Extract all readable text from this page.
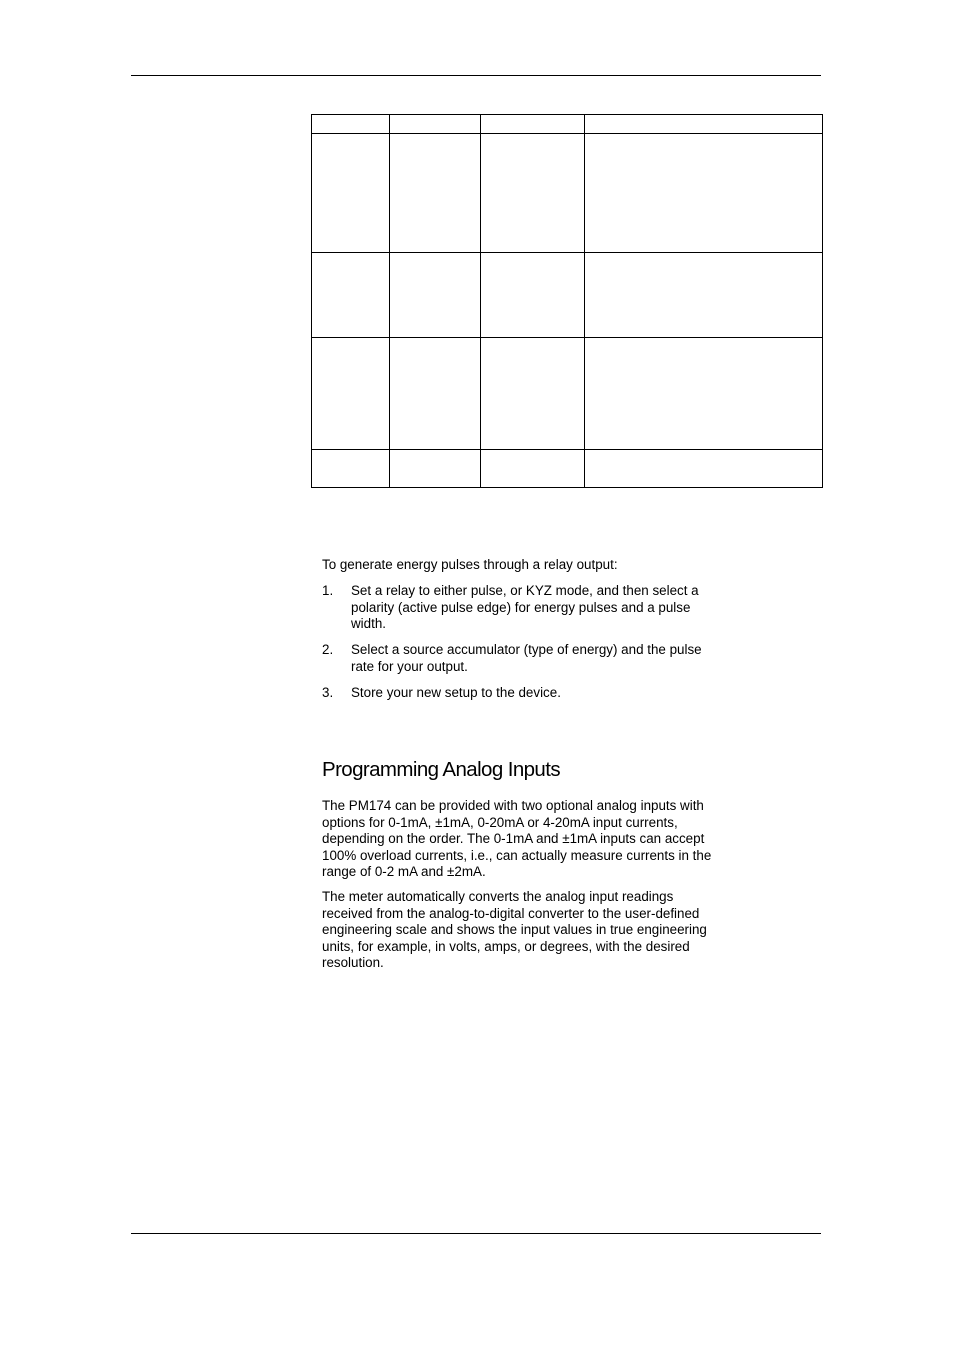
To generate energy pulses through a relay output:

1. Set a relay to either pulse, or KYZ mode, and then select a polarity (active pulse edge) for energy pulses and a pulse width.
2. Select a source accumulator (type of energy) and the pulse rate for your output.
3. Store your new setup to the device.
Programming Analog Inputs

The PM174 can be provided with two optional analog inputs with options for 0-1mA, ±1mA, 0-20mA or 4-20mA input currents, depending on the order. The 0-1mA and ±1mA inputs can accept 100% overload currents, i.e., can actually measure currents in the range of 0-2 mA and ±2mA.

The meter automatically converts the analog input readings received from the analog-to-digital converter to the user-defined engineering scale and shows the input values in true engineering units, for example, in volts, amps, or degrees, with the desired resolution.
